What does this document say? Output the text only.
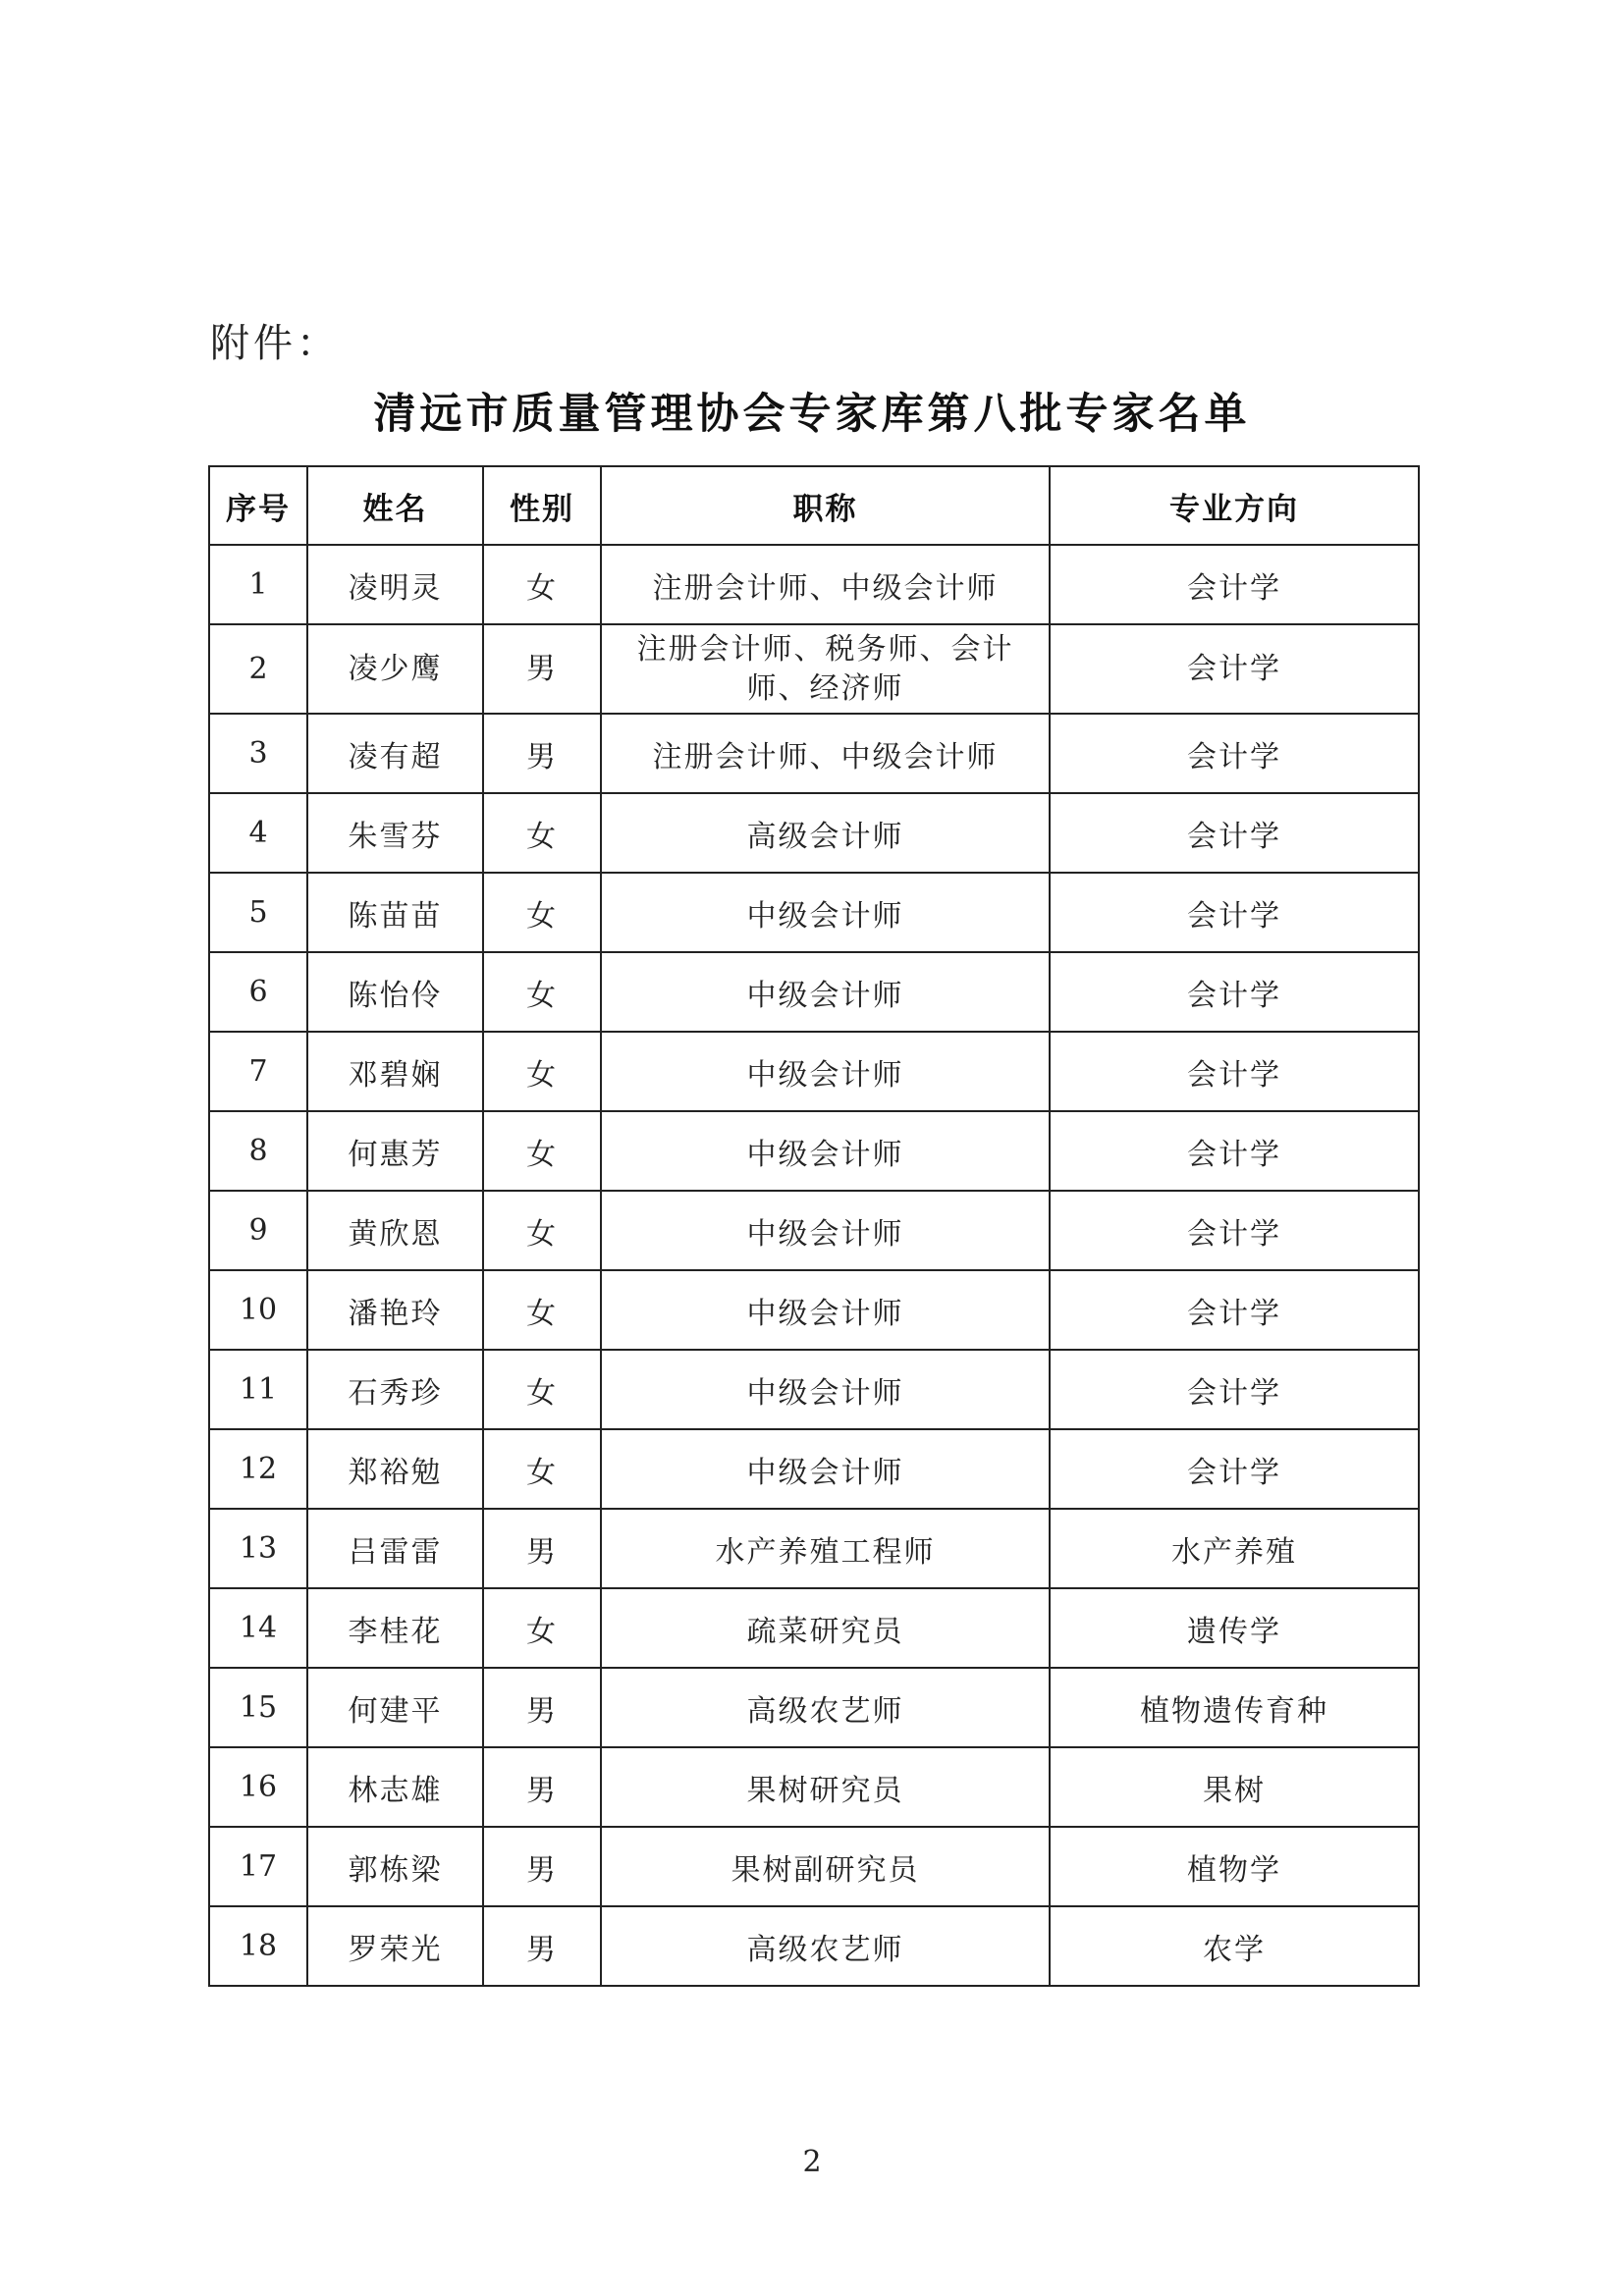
附件：
清远市质量管理协会专家库第八批专家名单
序号	姓名	性别	职称	专业方向
1	凌明灵	女	注册会计师、中级会计师	会计学
2	凌少鹰	男	注册会计师、税务师、会计师、经济师	会计学
3	凌有超	男	注册会计师、中级会计师	会计学
4	朱雪芬	女	高级会计师	会计学
5	陈苗苗	女	中级会计师	会计学
6	陈怡伶	女	中级会计师	会计学
7	邓碧娴	女	中级会计师	会计学
8	何惠芳	女	中级会计师	会计学
9	黄欣恩	女	中级会计师	会计学
10	潘艳玲	女	中级会计师	会计学
11	石秀珍	女	中级会计师	会计学
12	郑裕勉	女	中级会计师	会计学
13	吕雷雷	男	水产养殖工程师	水产养殖
14	李桂花	女	疏菜研究员	遗传学
15	何建平	男	高级农艺师	植物遗传育种
16	林志雄	男	果树研究员	果树
17	郭栋梁	男	果树副研究员	植物学
18	罗荣光	男	高级农艺师	农学
2
